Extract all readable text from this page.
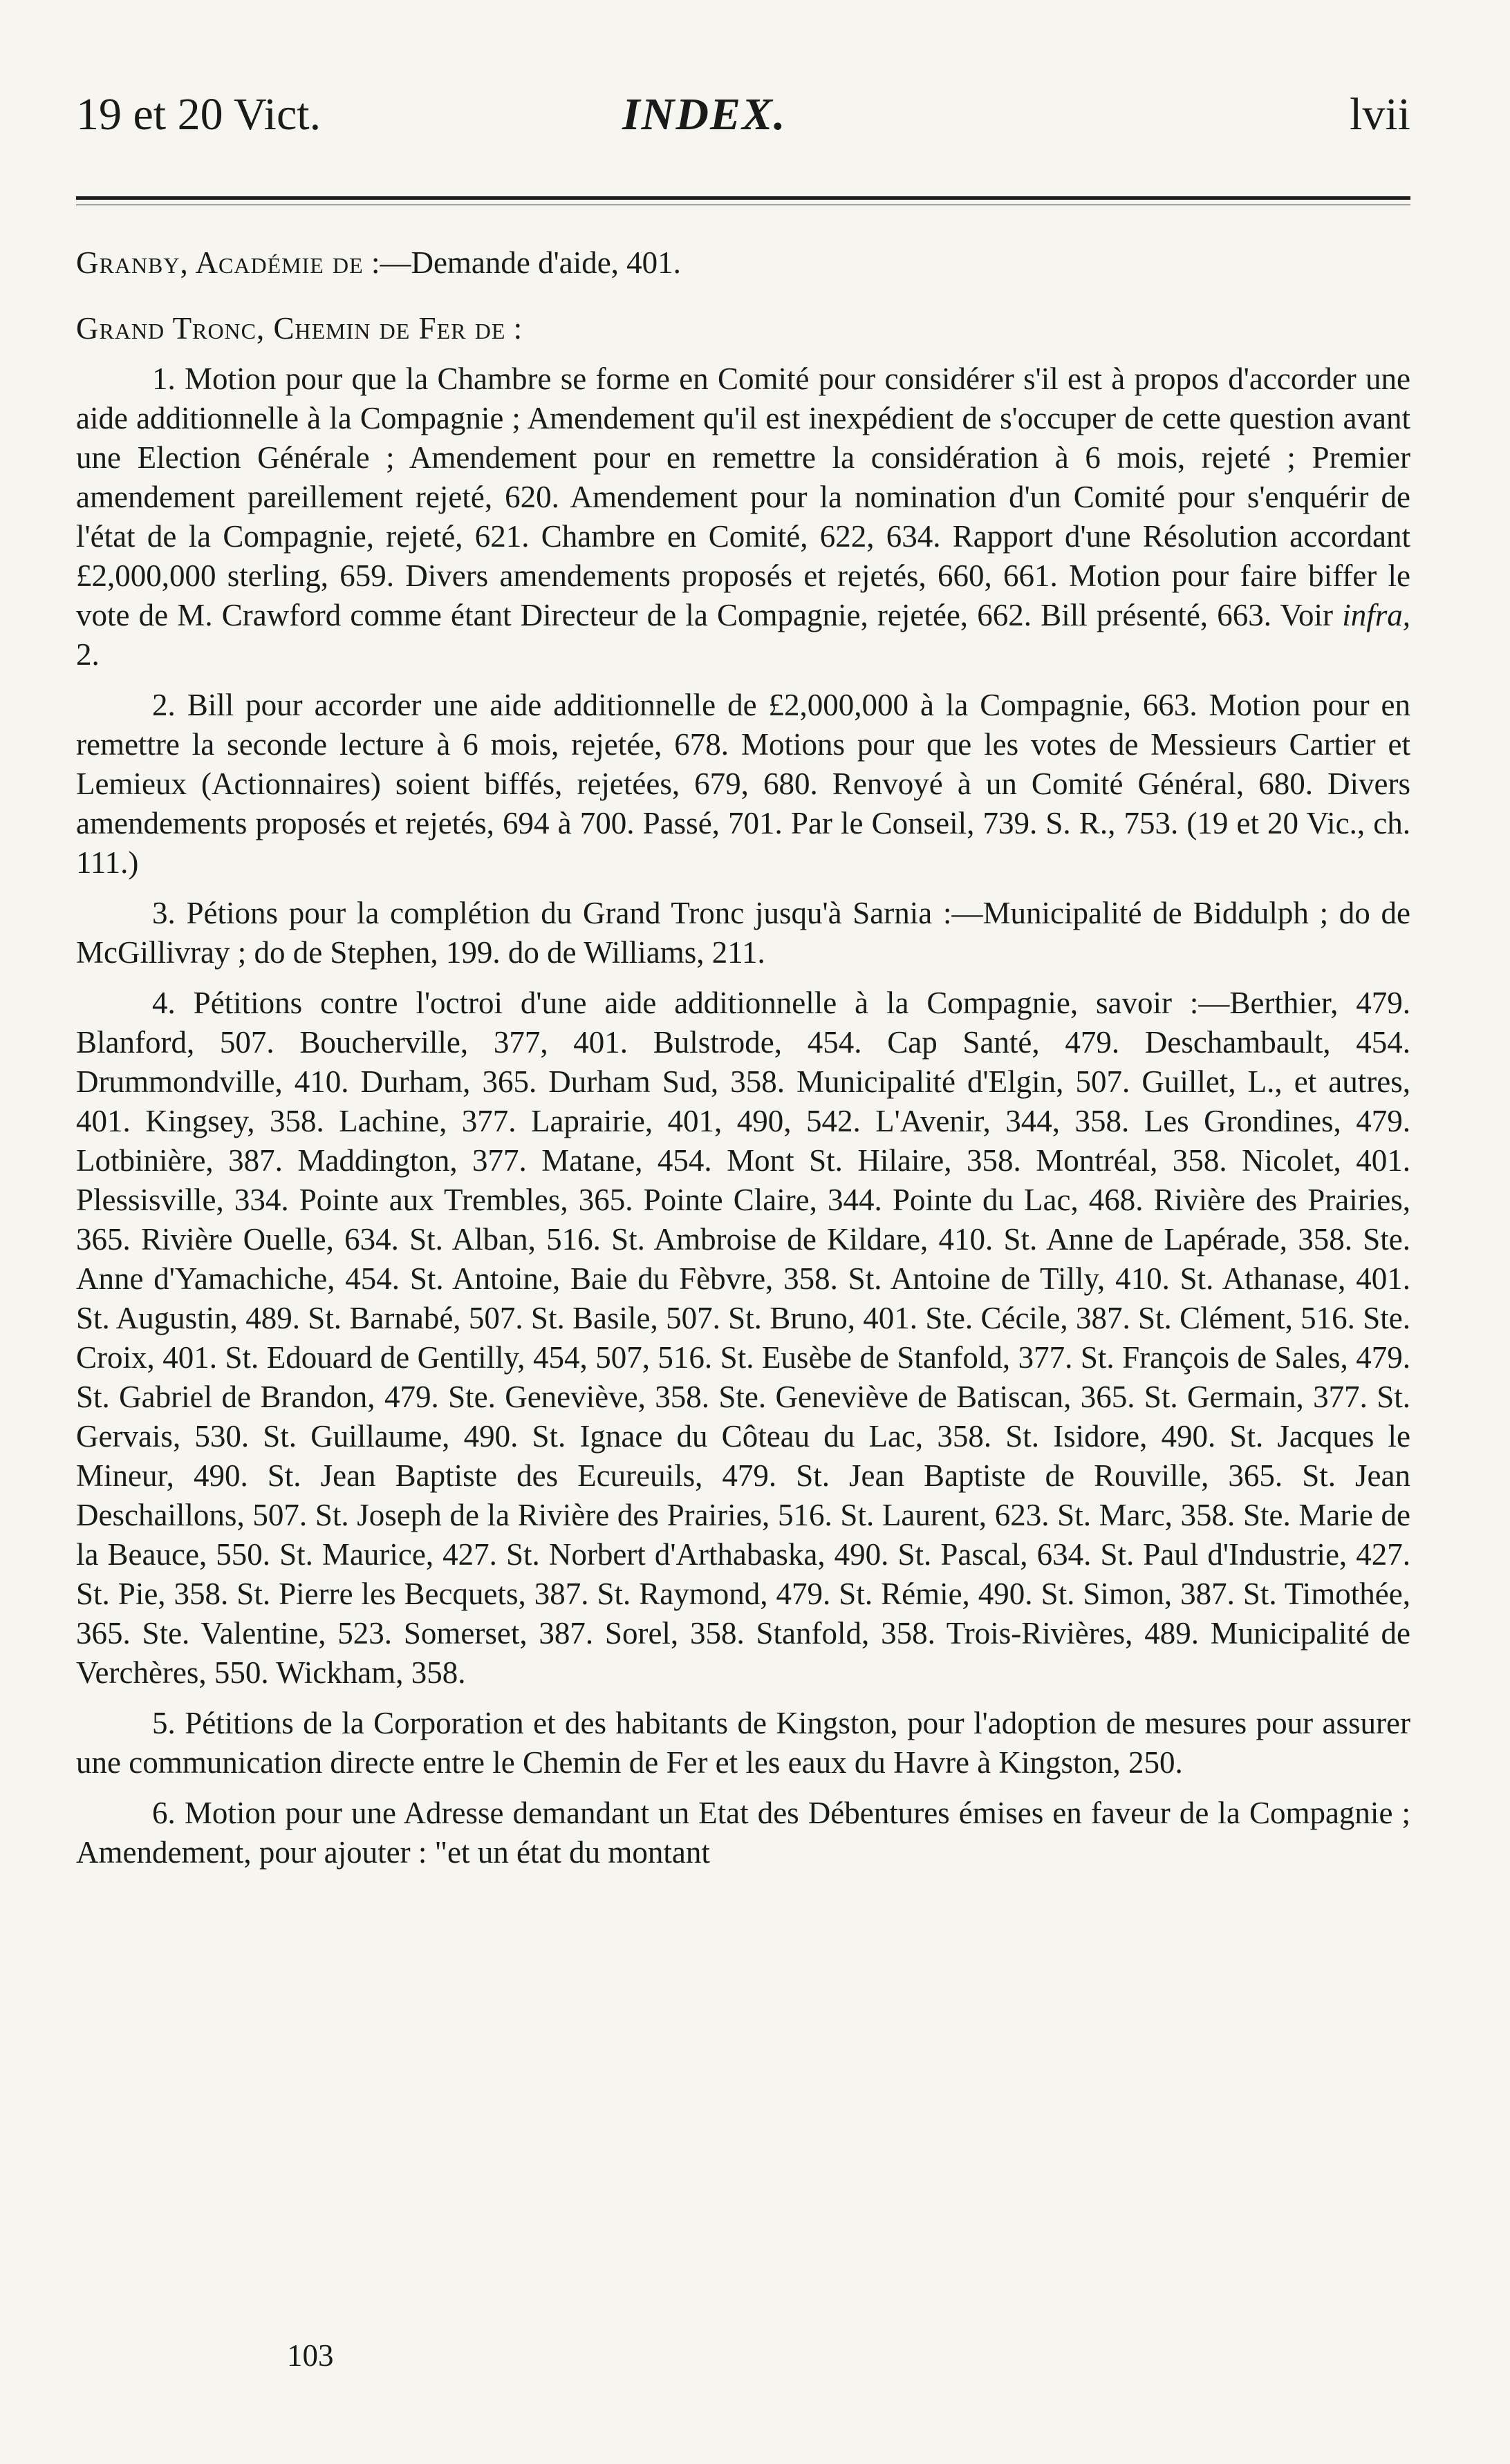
19 et 20 Vict.	INDEX.	lvii

Granby, Académie de :—Demande d'aide, 401.

Grand Tronc, Chemin de Fer de :

1. Motion pour que la Chambre se forme en Comité pour considérer s'il est à propos d'accorder une aide additionnelle à la Compagnie ; Amendement qu'il est inexpédient de s'occuper de cette question avant une Election Générale ; Amendement pour en remettre la considération à 6 mois, rejeté ; Premier amendement pareillement rejeté, 620. Amendement pour la nomination d'un Comité pour s'enquérir de l'état de la Compagnie, rejeté, 621. Chambre en Comité, 622, 634. Rapport d'une Résolution accordant £2,000,000 sterling, 659. Divers amendements proposés et rejetés, 660, 661. Motion pour faire biffer le vote de M. Crawford comme étant Directeur de la Compagnie, rejetée, 662. Bill présenté, 663. Voir infra, 2.

2. Bill pour accorder une aide additionnelle de £2,000,000 à la Compagnie, 663. Motion pour en remettre la seconde lecture à 6 mois, rejetée, 678. Motions pour que les votes de Messieurs Cartier et Lemieux (Actionnaires) soient biffés, rejetées, 679, 680. Renvoyé à un Comité Général, 680. Divers amendements proposés et rejetés, 694 à 700. Passé, 701. Par le Conseil, 739. S. R., 753. (19 et 20 Vic., ch. 111.)

3. Pétions pour la complétion du Grand Tronc jusqu'à Sarnia :—Municipalité de Biddulph ; do de McGillivray ; do de Stephen, 199. do de Williams, 211.

4. Pétitions contre l'octroi d'une aide additionnelle à la Compagnie, savoir :—Berthier, 479. Blanford, 507. Boucherville, 377, 401. Bulstrode, 454. Cap Santé, 479. Deschambault, 454. Drummondville, 410. Durham, 365. Durham Sud, 358. Municipalité d'Elgin, 507. Guillet, L., et autres, 401. Kingsey, 358. Lachine, 377. Laprairie, 401, 490, 542. L'Avenir, 344, 358. Les Grondines, 479. Lotbinière, 387. Maddington, 377. Matane, 454. Mont St. Hilaire, 358. Montréal, 358. Nicolet, 401. Plessisville, 334. Pointe aux Trembles, 365. Pointe Claire, 344. Pointe du Lac, 468. Rivière des Prairies, 365. Rivière Ouelle, 634. St. Alban, 516. St. Ambroise de Kildare, 410. St. Anne de Lapérade, 358. Ste. Anne d'Yamachiche, 454. St. Antoine, Baie du Fèbvre, 358. St. Antoine de Tilly, 410. St. Athanase, 401. St. Augustin, 489. St. Barnabé, 507. St. Basile, 507. St. Bruno, 401. Ste. Cécile, 387. St. Clément, 516. Ste. Croix, 401. St. Edouard de Gentilly, 454, 507, 516. St. Eusèbe de Stanfold, 377. St. François de Sales, 479. St. Gabriel de Brandon, 479. Ste. Geneviève, 358. Ste. Geneviève de Batiscan, 365. St. Germain, 377. St. Gervais, 530. St. Guillaume, 490. St. Ignace du Côteau du Lac, 358. St. Isidore, 490. St. Jacques le Mineur, 490. St. Jean Baptiste des Ecureuils, 479. St. Jean Baptiste de Rouville, 365. St. Jean Deschaillons, 507. St. Joseph de la Rivière des Prairies, 516. St. Laurent, 623. St. Marc, 358. Ste. Marie de la Beauce, 550. St. Maurice, 427. St. Norbert d'Arthabaska, 490. St. Pascal, 634. St. Paul d'Industrie, 427. St. Pie, 358. St. Pierre les Becquets, 387. St. Raymond, 479. St. Rémie, 490. St. Simon, 387. St. Timothée, 365. Ste. Valentine, 523. Somerset, 387. Sorel, 358. Stanfold, 358. Trois-Rivières, 489. Municipalité de Verchères, 550. Wickham, 358.

5. Pétitions de la Corporation et des habitants de Kingston, pour l'adoption de mesures pour assurer une communication directe entre le Chemin de Fer et les eaux du Havre à Kingston, 250.

6. Motion pour une Adresse demandant un Etat des Débentures émises en faveur de la Compagnie ; Amendement, pour ajouter : "et un état du montant

103
